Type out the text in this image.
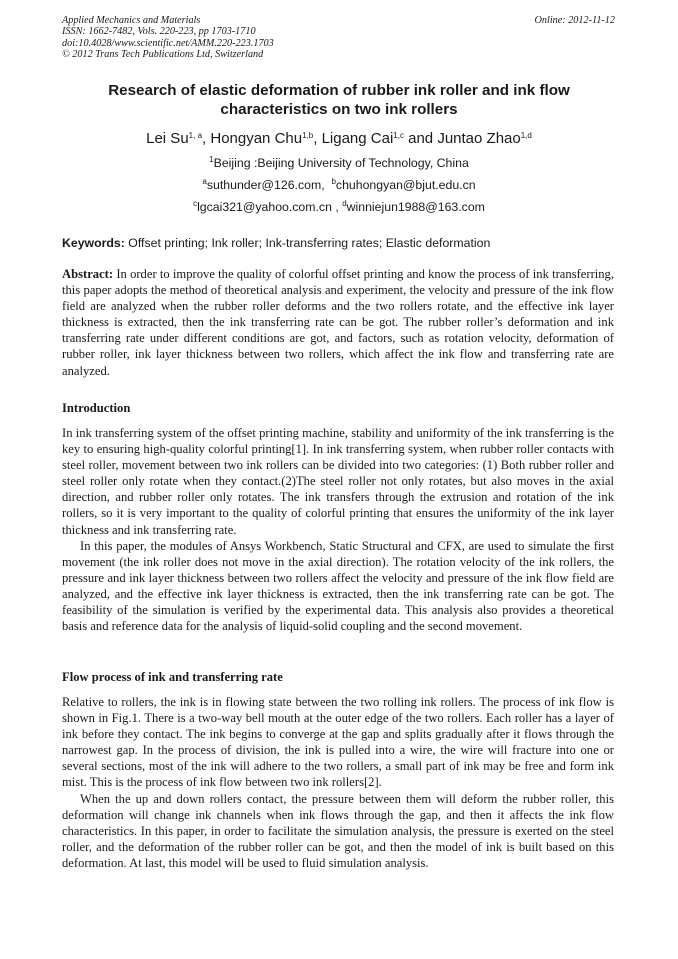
Applied Mechanics and Materials
ISSN: 1662-7482, Vols. 220-223, pp 1703-1710
doi:10.4028/www.scientific.net/AMM.220-223.1703
© 2012 Trans Tech Publications Ltd, Switzerland
Online: 2012-11-12
Research of elastic deformation of rubber ink roller and ink flow
characteristics on two ink rollers
Lei Su$^{1, a}$, Hongyan Chu$^{1,b}$, Ligang Cai$^{1,c}$ and Juntao Zhao$^{1,d}$
$^1$Beijing :Beijing University of Technology, China
$^a$suthunder@126.com, $^b$chuhongyan@bjut.edu.cn
$^c$lgcai321@yahoo.com.cn , $^d$winniejun1988@163.com
Keywords: Offset printing; Ink roller; Ink-transferring rates; Elastic deformation
Abstract: In order to improve the quality of colorful offset printing and know the process of ink transferring, this paper adopts the method of theoretical analysis and experiment, the velocity and pressure of the ink flow field are analyzed when the rubber roller deforms and the two rollers rotate, and the effective ink layer thickness is extracted, then the ink transferring rate can be got. The rubber roller’s deformation and ink transferring rate under different conditions are got, and factors, such as rotation velocity, deformation of rubber roller, ink layer thickness between two rollers, which affect the ink flow and transferring rate are analyzed.
Introduction
In ink transferring system of the offset printing machine, stability and uniformity of the ink transferring is the key to ensuring high-quality colorful printing[1]. In ink transferring system, when rubber roller contacts with steel roller, movement between two ink rollers can be divided into two categories: (1) Both rubber roller and steel roller only rotate when they contact.(2)The steel roller not only rotates, but also moves in the axial direction, and rubber roller only rotates. The ink transfers through the extrusion and rotation of the ink rollers, so it is very important to the quality of colorful printing that ensures the uniformity of the ink layer thickness and ink transferring rate.
In this paper, the modules of Ansys Workbench, Static Structural and CFX, are used to simulate the first movement (the ink roller does not move in the axial direction). The rotation velocity of the ink rollers, the pressure and ink layer thickness between two rollers affect the velocity and pressure of the ink flow field are analyzed, and the effective ink layer thickness is extracted, then the ink transferring rate can be got. The feasibility of the simulation is verified by the experimental data. This analysis also provides a theoretical basis and reference data for the analysis of liquid-solid coupling and the second movement.
Flow process of ink and transferring rate
Relative to rollers, the ink is in flowing state between the two rolling ink rollers. The process of ink flow is shown in Fig.1. There is a two-way bell mouth at the outer edge of the two rollers. Each roller has a layer of ink before they contact. The ink begins to converge at the gap and splits gradually after it flows through the narrowest gap. In the process of division, the ink is pulled into a wire, the wire will fracture into one or several sections, most of the ink will adhere to the two rollers, a small part of ink may be free and form ink mist. This is the process of ink flow between two ink rollers[2].
When the up and down rollers contact, the pressure between them will deform the rubber roller, this deformation will change ink channels when ink flows through the gap, and then it affects the ink flow characteristics. In this paper, in order to facilitate the simulation analysis, the pressure is exerted on the steel roller, and the deformation of the rubber roller can be got, and then the model of ink is built based on this deformation. At last, this model will be used to fluid simulation analysis.
